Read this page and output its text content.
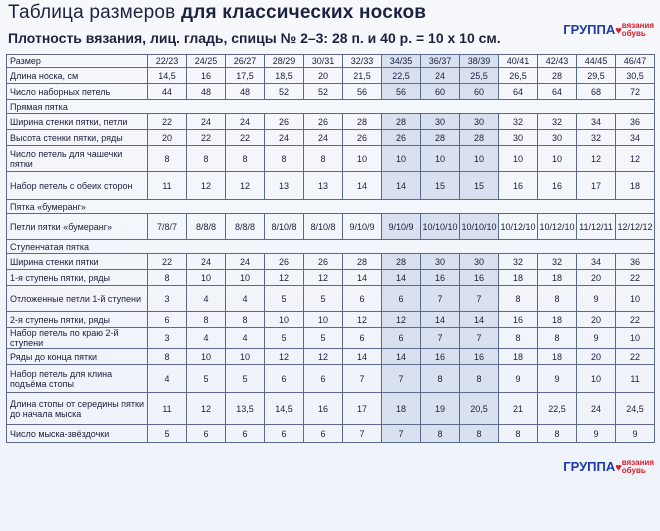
Таблица размеров для классических носков
Плотность вязания, лиц. гладь, спицы № 2–3: 28 п. и 40 р. = 10 х 10 см.
ГРУППА♥вязания
обувь
Размер	22/23	24/25	26/27	28/29	30/31	32/33	34/35	36/37	38/39	40/41	42/43	44/45	46/47
Длина носка, см	14,5	16	17,5	18,5	20	21,5	22,5	24	25,5	26,5	28	29,5	30,5
Число наборных петель	44	48	48	52	52	56	56	60	60	64	64	68	72
Прямая пятка													
Ширина стенки пятки, петли	22	24	24	26	26	28	28	30	30	32	32	34	36
Высота стенки пятки, ряды	20	22	22	24	24	26	26	28	28	30	30	32	34
Число петель для чашечки пятки	8	8	8	8	8	10	10	10	10	10	10	12	12
Набор петель с обеих сторон	11	12	12	13	13	14	14	15	15	16	16	17	18
Пятка «бумеранг»													
Петли пятки «бумеранг»	7/8/7	8/8/8	8/8/8	8/10/8	8/10/8	9/10/9	9/10/9	10/10/10	10/10/10	10/12/10	10/12/10	11/12/11	12/12/12
Ступенчатая пятка													
Ширина стенки пятки	22	24	24	26	26	28	28	30	30	32	32	34	36
1-я ступень пятки, ряды	8	10	10	12	12	14	14	16	16	18	18	20	22
Отложенные петли 1-й ступени	3	4	4	5	5	6	6	7	7	8	8	9	10
2-я ступень пятки, ряды	6	8	8	10	10	12	12	14	14	16	18	20	22
Набор петель по краю 2-й ступени	3	4	4	5	5	6	6	7	7	8	8	9	10
Ряды до конца пятки	8	10	10	12	12	14	14	16	16	18	18	20	22
Набор петель для клина подъёма стопы	4	5	5	6	6	7	7	8	8	9	9	10	11
Длина стопы от середины пятки до начала мыска	11	12	13,5	14,5	16	17	18	19	20,5	21	22,5	24	24,5
Число мыска-звёздочки	5	6	6	6	6	7	7	8	8	8	8	9	9
ГРУППА♥вязания
обувь
